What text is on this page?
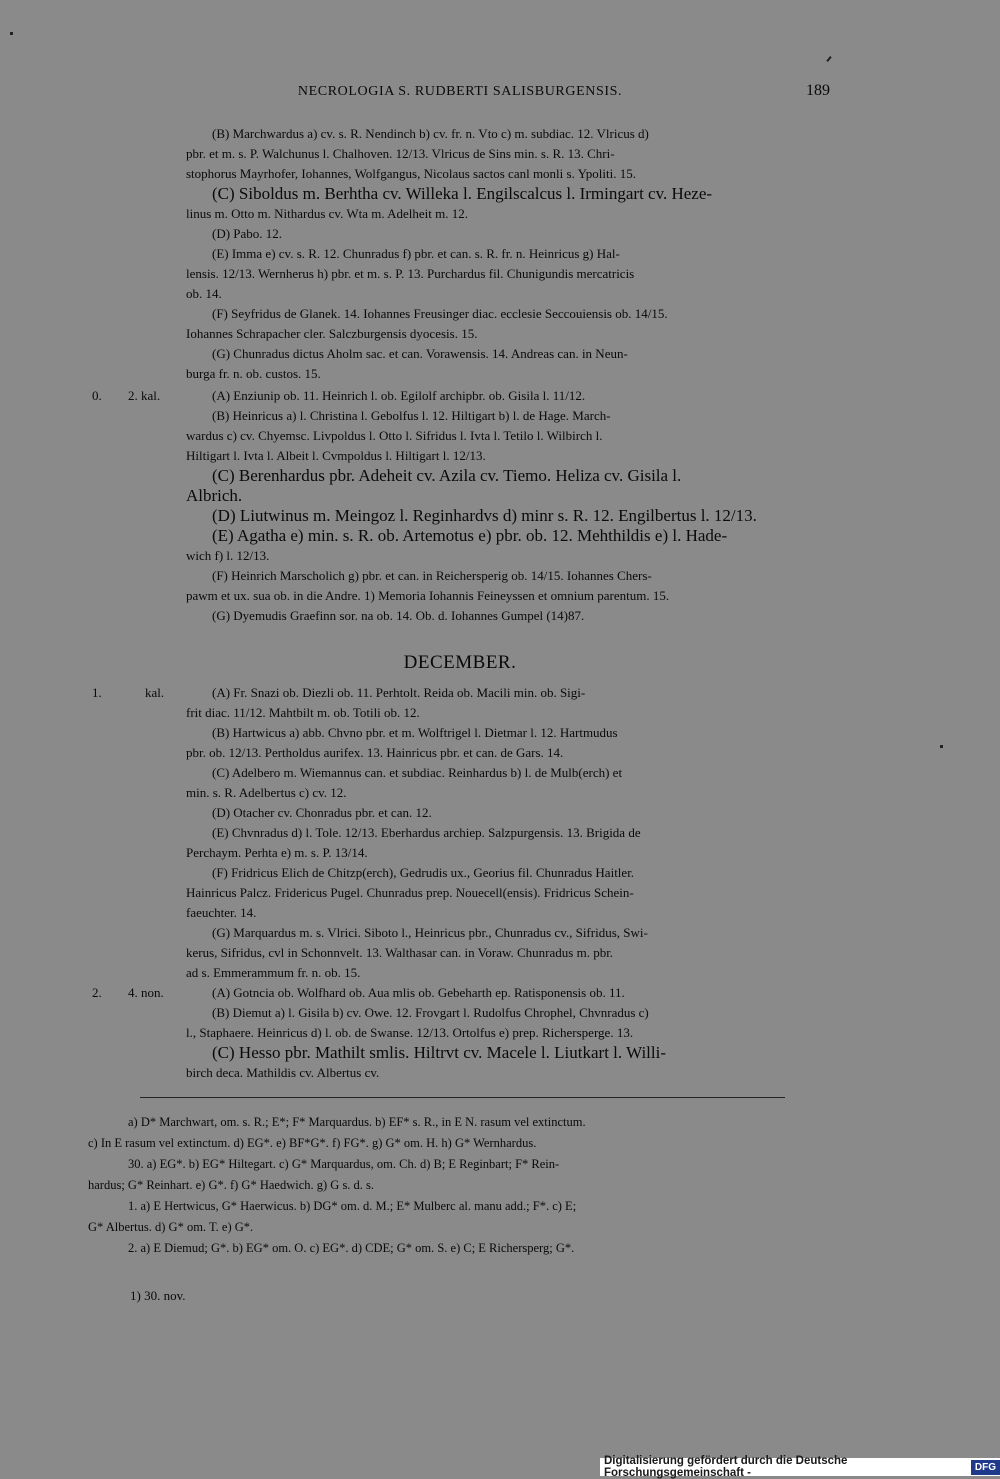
NECROLOGIA S. RUDBERTI SALISBURGENSIS.	189
(B) Marchwardus a) cv. s. R. Nendinch b) cv. fr. n. Vto c) m. subdiac. 12. Vlricus d)
pbr. et m. s. P. Walchunus l. Chalhoven. 12/13. Vlricus de Sins min. s. R. 13. Chri-
stophorus Mayrhofer, Iohannes, Wolfgangus, Nicolaus sactos canl monli s. Ypoliti. 15.
(C) Siboldus m. Berhtha cv. Willeka l. Engilscalcus l. Irmingart cv. Heze-
linus m. Otto m. Nithardus cv. Wta m. Adelheit m. 12.
(D) Pabo. 12.
(E) Imma e) cv. s. R. 12. Chunradus f) pbr. et can. s. R. fr. n. Heinricus g) Hal-
lensis. 12/13. Wernherus h) pbr. et m. s. P. 13. Purchardus fil. Chunigundis mercatricis
ob. 14.
(F) Seyfridus de Glanek. 14. Iohannes Freusinger diac. ecclesie Seccouiensis ob. 14/15.
Iohannes Schrapacher cler. Salczburgensis dyocesis. 15.
(G) Chunradus dictus Aholm sac. et can. Vorawensis. 14. Andreas can. in Neun-
burga fr. n. ob. custos. 15.
0. 2. kal.	(A) Enziunip ob. 11. Heinrich l. ob. Egilolf archipbr. ob. Gisila l. 11/12.
(B) Heinricus a) l. Christina l. Gebolfus l. 12. Hiltigart b) l. de Hage. March-
wardus c) cv. Chyemsc. Livpoldus l. Otto l. Sifridus l. Ivta l. Tetilo l. Wilbirch l.
Hiltigart l. Ivta l. Albeit l. Cvmpoldus l. Hiltigart l. 12/13.
(C) Berenhardus pbr. Adeheit cv. Azila cv. Tiemo. Heliza cv. Gisila l.
Albrich.
(D) Liutwinus m. Meingoz l. Reginhardvs d) minr s. R. 12. Engilbertus l. 12/13.
(E) Agatha e) min. s. R. ob. Artemotus e) pbr. ob. 12. Mehthildis e) l. Hade-
wich f) l. 12/13.
(F) Heinrich Marscholich g) pbr. et can. in Reichersperig ob. 14/15. Iohannes Chers-
pawm et ux. sua ob. in die Andre. 1) Memoria Iohannis Feineyssen et omnium parentum. 15.
(G) Dyemudis Graefinn sor. na ob. 14. Ob. d. Iohannes Gumpel (14)87.
DECEMBER.
1.	kal.	(A) Fr. Snazi ob. Diezli ob. 11. Perhtolt. Reida ob. Macili min. ob. Sigi-
frit diac. 11/12. Mahtbilt m. ob. Totili ob. 12.
(B) Hartwicus a) abb. Chvno pbr. et m. Wolftrigel l. Dietmar l. 12. Hartmudus
pbr. ob. 12/13. Pertholdus aurifex. 13. Hainricus pbr. et can. de Gars. 14.
(C) Adelbero m. Wiemannus can. et subdiac. Reinhardus b) l. de Mulb(erch) et
min. s. R. Adelbertus c) cv. 12.
(D) Otacher cv. Chonradus pbr. et can. 12.
(E) Chvnradus d) l. Tole. 12/13. Eberhardus archiep. Salzpurgensis. 13. Brigida de
Perchaym. Perhta e) m. s. P. 13/14.
(F) Fridricus Elich de Chitzp(erch), Gedrudis ux., Georius fil. Chunradus Haitler.
Hainricus Palcz. Fridericus Pugel. Chunradus prep. Nouecell(ensis). Fridricus Schein-
faeuchter. 14.
(G) Marquardus m. s. Vlrici. Siboto l., Heinricus pbr., Chunradus cv., Sifridus, Swi-
kerus, Sifridus, cvl in Schonnvelt. 13. Walthasar can. in Voraw. Chunradus m. pbr.
ad s. Emmerammum fr. n. ob. 15.
2. 4. non.	(A) Gotncia ob. Wolfhard ob. Aua mlis ob. Gebeharth ep. Ratisponensis ob. 11.
(B) Diemut a) l. Gisila b) cv. Owe. 12. Frovgart l. Rudolfus Chrophel, Chvnradus c)
l., Staphaere. Heinricus d) l. ob. de Swanse. 12/13. Ortolfus e) prep. Richersperge. 13.
(C) Hesso pbr. Mathilt smlis. Hiltrvt cv. Macele l. Liutkart l. Willi-
birch deca. Mathildis cv. Albertus cv.
a) D* Marchwart, om. s. R.; E*; F* Marquardus. b) EF* s. R., in E N. rasum vel extinctum.
c) In E rasum vel extinctum. d) EG*. e) BF*G*. f) FG*. g) G* om. H. h) G* Wernhardus.
30. a) EG*. b) EG* Hiltegart. c) G* Marquardus, om. Ch. d) B; E Reginbart; F* Rein-
hardus; G* Reinhart. e) G*. f) G* Haedwich. g) G s. d. s.
1. a) E Hertwicus, G* Haerwicus. b) DG* om. d. M.; E* Mulberc al. manu add.; F*. c) E;
G* Albertus. d) G* om. T. e) G*.
2. a) E Diemud; G*. b) EG* om. O. c) EG*. d) CDE; G* om. S. e) C; E Richersperg; G*.
1) 30. nov.
Digitalisierung gefördert durch die Deutsche Forschungsgemeinschaft -	DFG
